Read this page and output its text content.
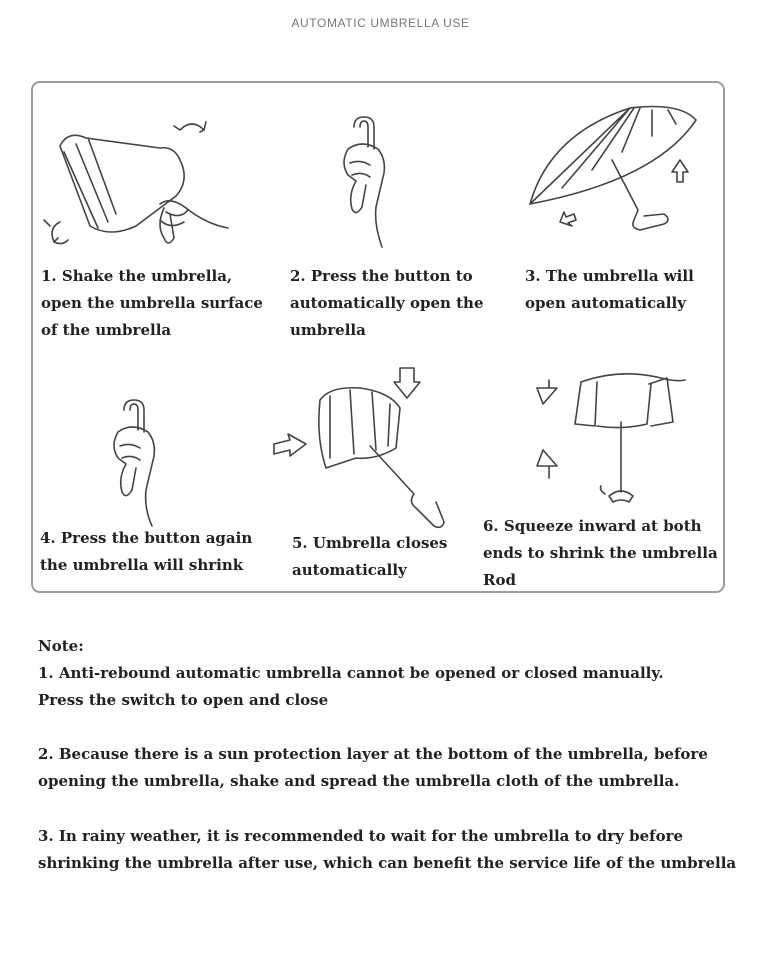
AUTOMATIC UMBRELLA USE
1. Shake the umbrella,
open the umbrella surface
of the umbrella
2. Press the button to
automatically open the
umbrella
3. The umbrella will
open automatically
4. Press the button again
the umbrella will shrink
5. Umbrella closes
automatically
6. Squeeze inward at both
ends to shrink the umbrella
Rod
Note:
1. Anti-rebound automatic umbrella cannot be opened or closed manually.
Press the switch to open and close
2. Because there is a sun protection layer at the bottom of the umbrella, before
opening the umbrella, shake and spread the umbrella cloth of the umbrella.
3. In rainy weather, it is recommended to wait for the umbrella to dry before
shrinking the umbrella after use, which can benefit the service life of the umbrella
